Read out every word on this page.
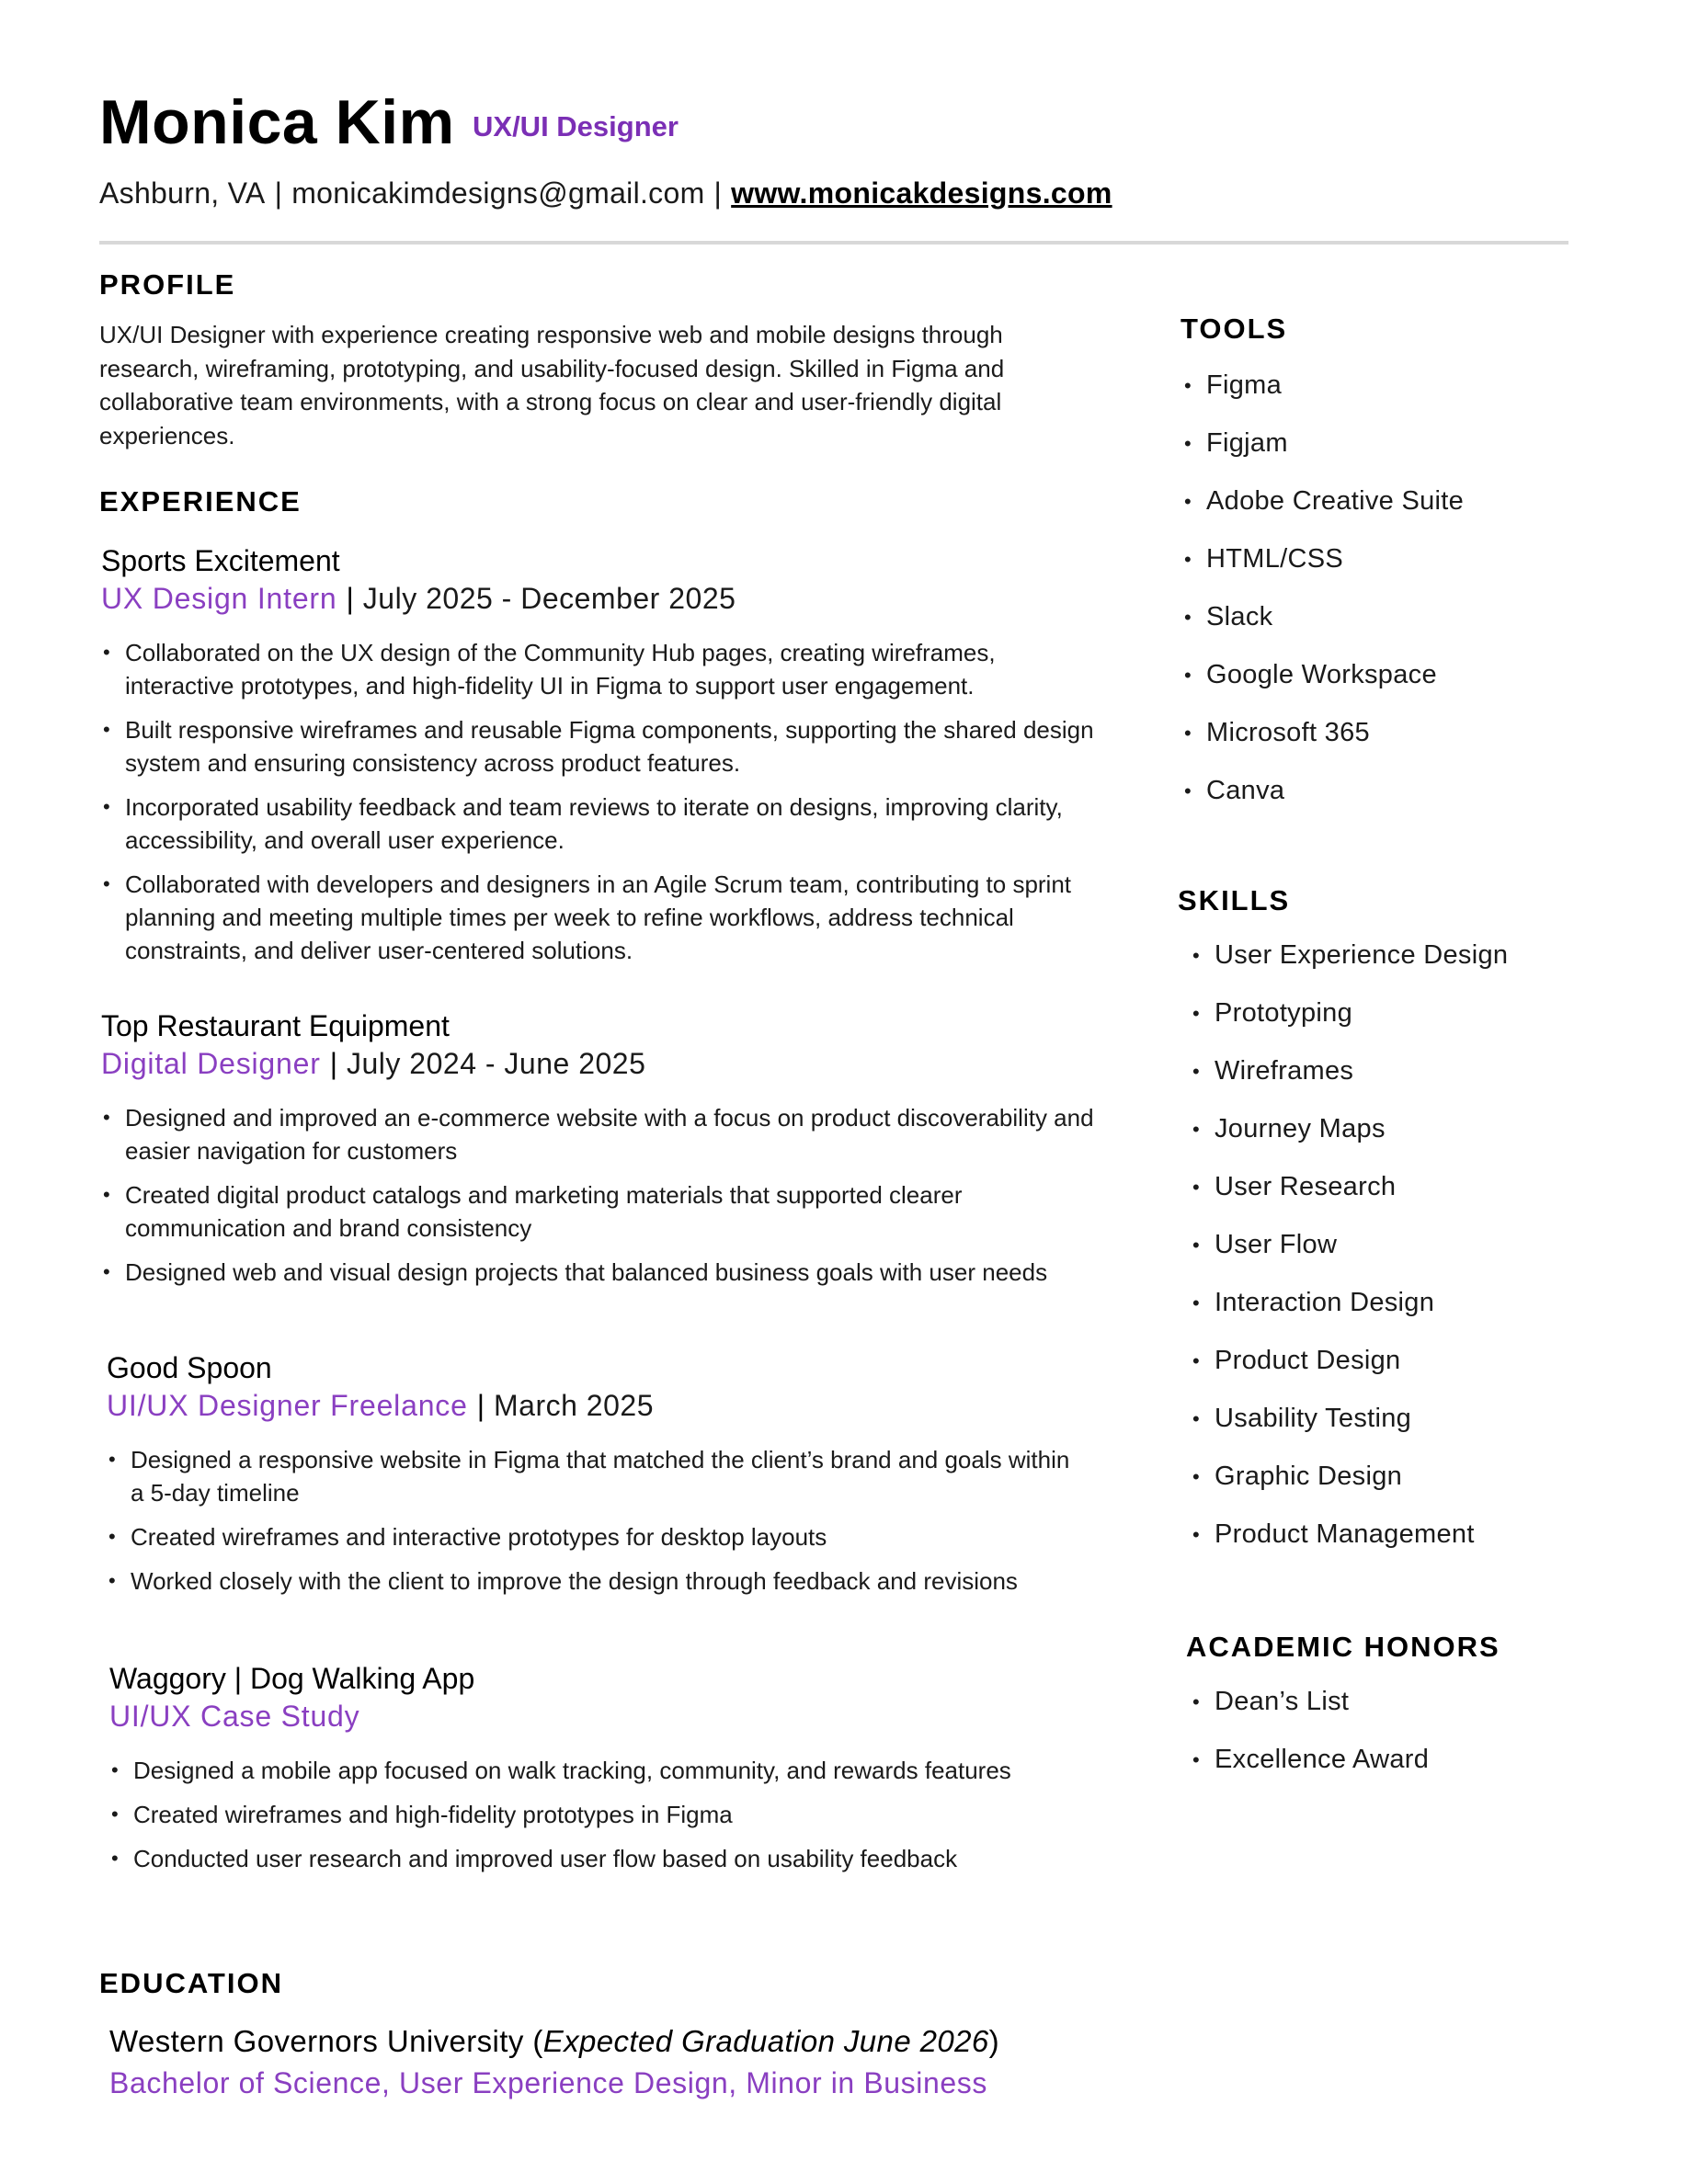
Monica Kim UX/UI Designer
Ashburn, VA | monicakimdesigns@gmail.com | www.monicakdesigns.com
PROFILE
UX/UI Designer with experience creating responsive web and mobile designs through research, wireframing, prototyping, and usability-focused design. Skilled in Figma and collaborative team environments, with a strong focus on clear and user-friendly digital experiences.
EXPERIENCE
Sports Excitement
UX Design Intern | July 2025 - December 2025
• Collaborated on the UX design of the Community Hub pages, creating wireframes, interactive prototypes, and high-fidelity UI in Figma to support user engagement.
• Built responsive wireframes and reusable Figma components, supporting the shared design system and ensuring consistency across product features.
• Incorporated usability feedback and team reviews to iterate on designs, improving clarity, accessibility, and overall user experience.
• Collaborated with developers and designers in an Agile Scrum team, contributing to sprint planning and meeting multiple times per week to refine workflows, address technical constraints, and deliver user-centered solutions.
Top Restaurant Equipment
Digital Designer | July 2024 - June 2025
• Designed and improved an e-commerce website with a focus on product discoverability and easier navigation for customers
• Created digital product catalogs and marketing materials that supported clearer communication and brand consistency
• Designed web and visual design projects that balanced business goals with user needs
Good Spoon
UI/UX Designer Freelance | March 2025
• Designed a responsive website in Figma that matched the client’s brand and goals within a 5-day timeline
• Created wireframes and interactive prototypes for desktop layouts
• Worked closely with the client to improve the design through feedback and revisions
Waggory | Dog Walking App
UI/UX Case Study
• Designed a mobile app focused on walk tracking, community, and rewards features
• Created wireframes and high-fidelity prototypes in Figma
• Conducted user research and improved user flow based on usability feedback
EDUCATION
Western Governors University (Expected Graduation June 2026)
Bachelor of Science, User Experience Design, Minor in Business
TOOLS
• Figma
• Figjam
• Adobe Creative Suite
• HTML/CSS
• Slack
• Google Workspace
• Microsoft 365
• Canva
SKILLS
• User Experience Design
• Prototyping
• Wireframes
• Journey Maps
• User Research
• User Flow
• Interaction Design
• Product Design
• Usability Testing
• Graphic Design
• Product Management
ACADEMIC HONORS
• Dean’s List
• Excellence Award
